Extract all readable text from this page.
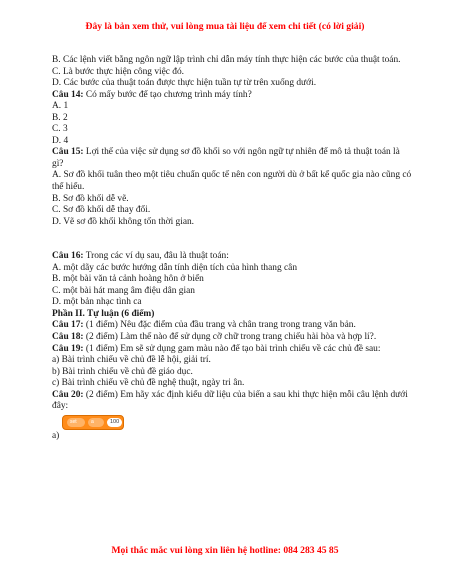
Đây là bản xem thử, vui lòng mua tài liệu để xem chi tiết (có lời giải)
B. Các lệnh viết bằng ngôn ngữ lập trình chỉ dẫn máy tính thực hiện các bước của thuật toán.
C. Là bước thực hiện công việc đó.
D. Các bước của thuật toán được thực hiện tuần tự từ trên xuống dưới.
Câu 14: Có mấy bước để tạo chương trình máy tính?
A. 1
B. 2
C. 3
D. 4
Câu 15: Lợi thế của việc sử dụng sơ đồ khối so với ngôn ngữ tự nhiên để mô tả thuật toán là gì?
A. Sơ đồ khối tuân theo một tiêu chuẩn quốc tế nên con người dù ở bất kể quốc gia nào cũng có thể hiểu.
B. Sơ đồ khối dễ vẽ.
C. Sơ đồ khối dễ thay đổi.
D. Vẽ sơ đồ khối không tốn thời gian.
Câu 16: Trong các ví dụ sau, đâu là thuật toán:
A. một dãy các bước hướng dẫn tính diện tích của hình thang cân
B. một bài văn tả cảnh hoàng hôn ở biển
C. một bài hát mang âm điệu dân gian
D. một bản nhạc tình ca
Phần II. Tự luận (6 điểm)
Câu 17: (1 điểm) Nêu đặc điểm của đầu trang và chân trang trong trang văn bản.
Câu 18: (2 điểm) Làm thế nào để sử dụng cỡ chữ trong trang chiếu hài hòa và hợp lí?.
Câu 19: (1 điểm) Em sẽ sử dụng gam màu nào để tạo bài trình chiếu về các chủ đề sau:
a) Bài trình chiếu về chủ đề lễ hội, giải trí.
b) Bài trình chiếu về chủ đề giáo dục.
c) Bài trình chiếu về chủ đề nghệ thuật, ngày tri ân.
Câu 20: (2 điểm) Em hãy xác định kiểu dữ liệu của biến a sau khi thực hiện mỗi câu lệnh dưới đây:
set	a	100
a)
Mọi thắc mắc vui lòng xin liên hệ hotline: 084 283 45 85
